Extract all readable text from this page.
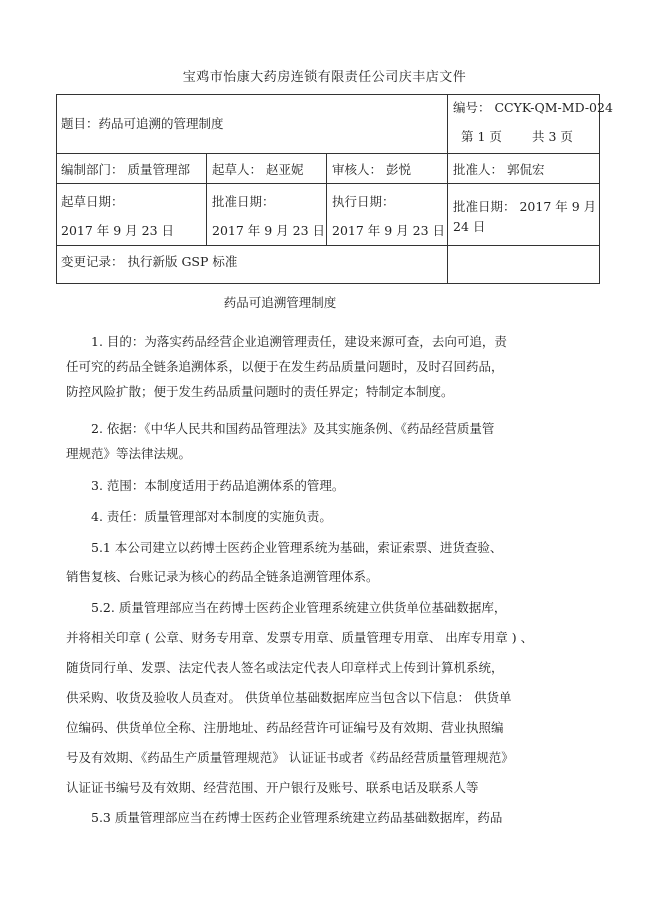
宝鸡市怡康大药房连锁有限责任公司庆丰店文件
题目：药品可追溯的管理制度
编号： CCYK-QM-MD-024
第 1 页 共 3 页
编制部门： 质量管理部 起草人： 赵亚妮 审核人： 彭悦	批准人： 郭侃宏
起草日期：
2017 年 9 月 23 日
批准日期：
2017 年 9 月 23 日
执行日期：
2017 年 9 月 23 日
批准日期： 2017 年 9 月
24 日
变更记录： 执行新版 GSP 标准
药品可追溯管理制度
1. 目的：为落实药品经营企业追溯管理责任，建设来源可查，去向可追，责
任可究的药品全链条追溯体系，以便于在发生药品质量问题时，及时召回药品，
防控风险扩散；便于发生药品质量问题时的责任界定；特制定本制度。
2. 依据：《中华人民共和国药品管理法》及其实施条例、《药品经营质量管
理规范》等法律法规。
3. 范围：本制度适用于药品追溯体系的管理。
4. 责任：质量管理部对本制度的实施负责。
5.1 本公司建立以药博士医药企业管理系统为基础，索证索票、进货查验、
销售复核、台账记录为核心的药品全链条追溯管理体系。
5.2. 质量管理部应当在药博士医药企业管理系统建立供货单位基础数据库，
并将相关印章 ( 公章、财务专用章、发票专用章、质量管理专用章、 出库专用章 ) 、
随货同行单、发票、法定代表人签名或法定代表人印章样式上传到计算机系统，
供采购、收货及验收人员查对。 供货单位基础数据库应当包含以下信息： 供货单
位编码、供货单位全称、注册地址、药品经营许可证编号及有效期、营业执照编
号及有效期、《药品生产质量管理规范》 认证证书或者《药品经营质量管理规范》
认证证书编号及有效期、经营范围、开户银行及账号、联系电话及联系人等
5.3 质量管理部应当在药博士医药企业管理系统建立药品基础数据库，药品
